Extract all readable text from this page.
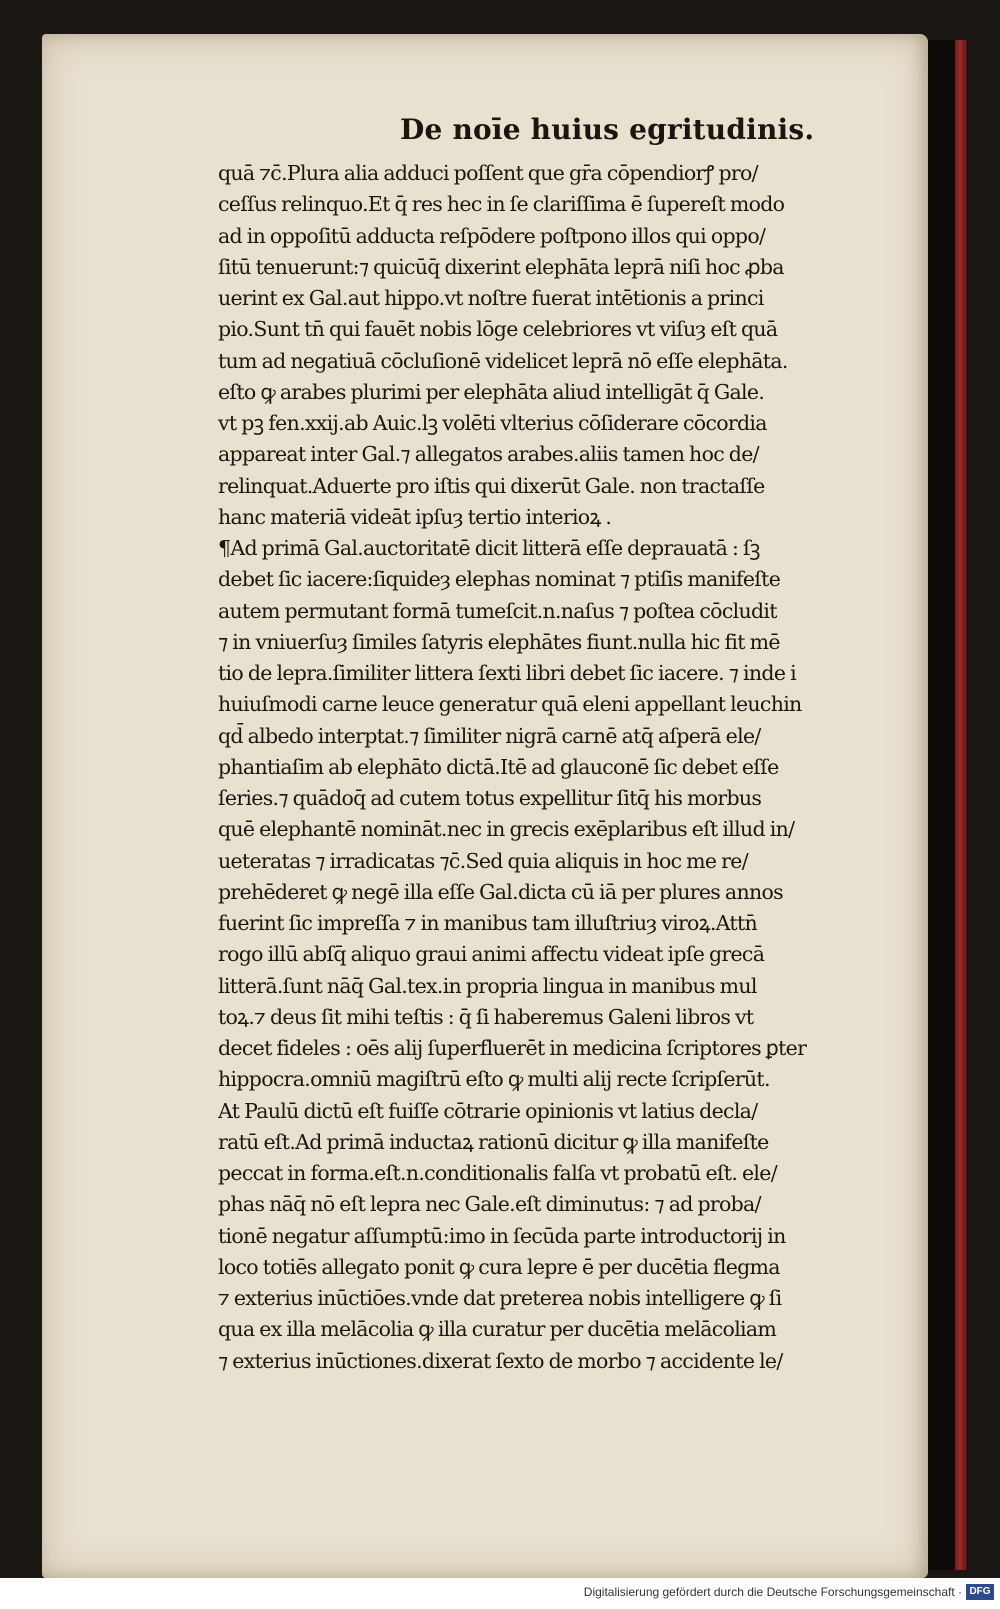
De noīe huius egritudinis.
quā ⁊c̄.Plura alia adduci poſſent que gr̄a cōpendiorꝭ pro/
ceſſus relinquo.Et q̄ res hec in ſe clariſſima ē ſupereſt modo
ad in oppoſitū adducta reſpōdere poſtpono illos qui oppo/
ſitū tenuerunt:⁊ quicūq̄ dixerint elephāta leprā niſi hoc ꝓba
uerint ex Gal.aut hippo.vt noſtre fuerat intētionis a princi
pio.Sunt tn̄ qui fauēt nobis lōge celebriores vt viſuȝ eſt quā
tum ad negatiuā cōcluſionē videlicet leprā nō eſſe elephāta.
eſto ꝙ arabes plurimi per elephāta aliud intelligāt q̄ Gale.
vt pꝫ fen.xxij.ab Auic.lꝫ volēti vlterius cōſiderare cōcordia
appareat inter Gal.⁊ allegatos arabes.aliis tamen hoc de/
relinquat.Aduerte pro iſtis qui dixerūt Gale. non tractaſſe
hanc materiā videāt ipſuȝ tertio interioꝝ .
¶Ad primā Gal.auctoritatē dicit litterā eſſe deprauatā : ſꝫ
debet ſic iacere:ſiquideȝ elephas nominat ⁊ ptiſis manifeſte
autem permutant formā tumeſcit.n.naſus ⁊ poſtea cōcludit
⁊ in vniuerſuȝ ſimiles ſatyris elephātes fiunt.nulla hic fit mē
tio de lepra.ſimiliter littera ſexti libri debet ſic iacere. ⁊ inde i
huiuſmodi carne leuce generatur quā eleni appellant leuchin
qd̄ albedo interptat.⁊ ſimiliter nigrā carnē atq̄ aſperā ele/
phantiaſim ab elephāto dictā.Itē ad glauconē ſic debet eſſe
ſeries.⁊ quādoq̄ ad cutem totus expellitur ſitq̄ his morbus
quē elephantē nomināt.nec in grecis exēplaribus eſt illud in/
ueteratas ⁊ irradicatas ⁊c̄.Sed quia aliquis in hoc me re/
prehēderet ꝙ negē illa eſſe Gal.dicta cū iā per plures annos
fuerint ſic impreſſa ⁊ in manibus tam illuſtriuȝ viroꝝ.Attn̄
rogo illū abſq̄ aliquo graui animi affectu videat ipſe grecā
litterā.ſunt nāq̄ Gal.tex.in propria lingua in manibus mul
toꝝ.⁊ deus ſit mihi teſtis : q̄ ſi haberemus Galeni libros vt
decet fideles : oēs alij ſuperfluerēt in medicina ſcriptores ꝑter
hippocra.omniū magiſtrū eſto ꝙ multi alij recte ſcripſerūt.
At Paulū dictū eſt fuiſſe cōtrarie opinionis vt latius decla/
ratū eſt.Ad primā inductaꝝ rationū dicitur ꝙ illa manifeſte
peccat in forma.eſt.n.conditionalis falſa vt probatū eſt. ele/
phas nāq̄ nō eſt lepra nec Gale.eſt diminutus: ⁊ ad proba/
tionē negatur aſſumptū:imo in ſecūda parte introductorij in
loco totiēs allegato ponit ꝙ cura lepre ē per ducētia flegma
⁊ exterius inūctiōes.vnde dat preterea nobis intelligere ꝙ ſi
qua ex illa melācolia ꝙ illa curatur per ducētia melācoliam
⁊ exterius inūctiones.dixerat ſexto de morbo ⁊ accidente le/
Digitalisierung gefördert durch die Deutsche Forschungsgemeinschaft · DFG
